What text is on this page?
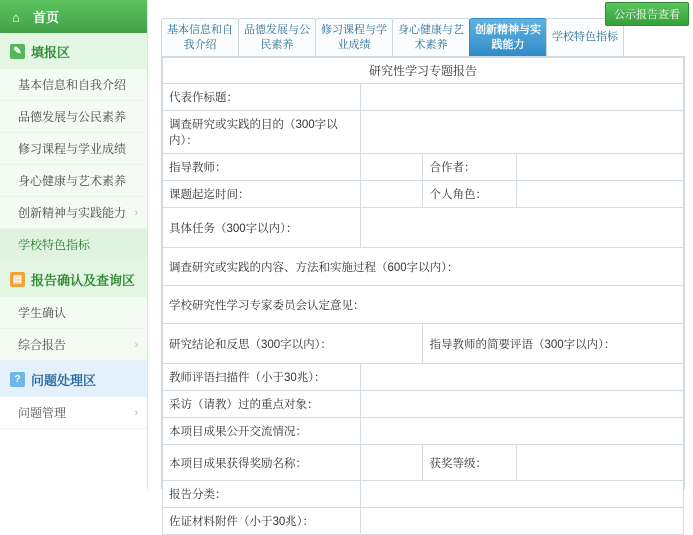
⌂	首页
✎ 填报区
基本信息和自我介绍
品德发展与公民素养
修习课程与学业成绩
身心健康与艺术素养
创新精神与实践能力 ›
学校特色指标
▤ 报告确认及查询区
学生确认
综合报告	›
? 问题处理区
问题管理	›
公示报告查看
基本信息和自我介绍
品德发展与公民素养
修习课程与学业成绩
身心健康与艺术素养
创新精神与实践能力
学校特色指标
研究性学习专题报告			
代表作标题：			
调查研究或实践的目的（300字以内）：			
指导教师：		合作者：	
课题起迄时间：		个人角色：	
具体任务（300字以内）：			
调查研究或实践的内容、方法和实施过程（600字以内）：			
学校研究性学习专家委员会认定意见：			
研究结论和反思（300字以内）：		指导教师的简要评语（300字以内）：	
教师评语扫描件（小于30兆）：			
采访（请教）过的重点对象：			
本项目成果公开交流情况：			
本项目成果获得奖励名称：		获奖等级：	
报告分类：			
佐证材料附件（小于30兆）：			
